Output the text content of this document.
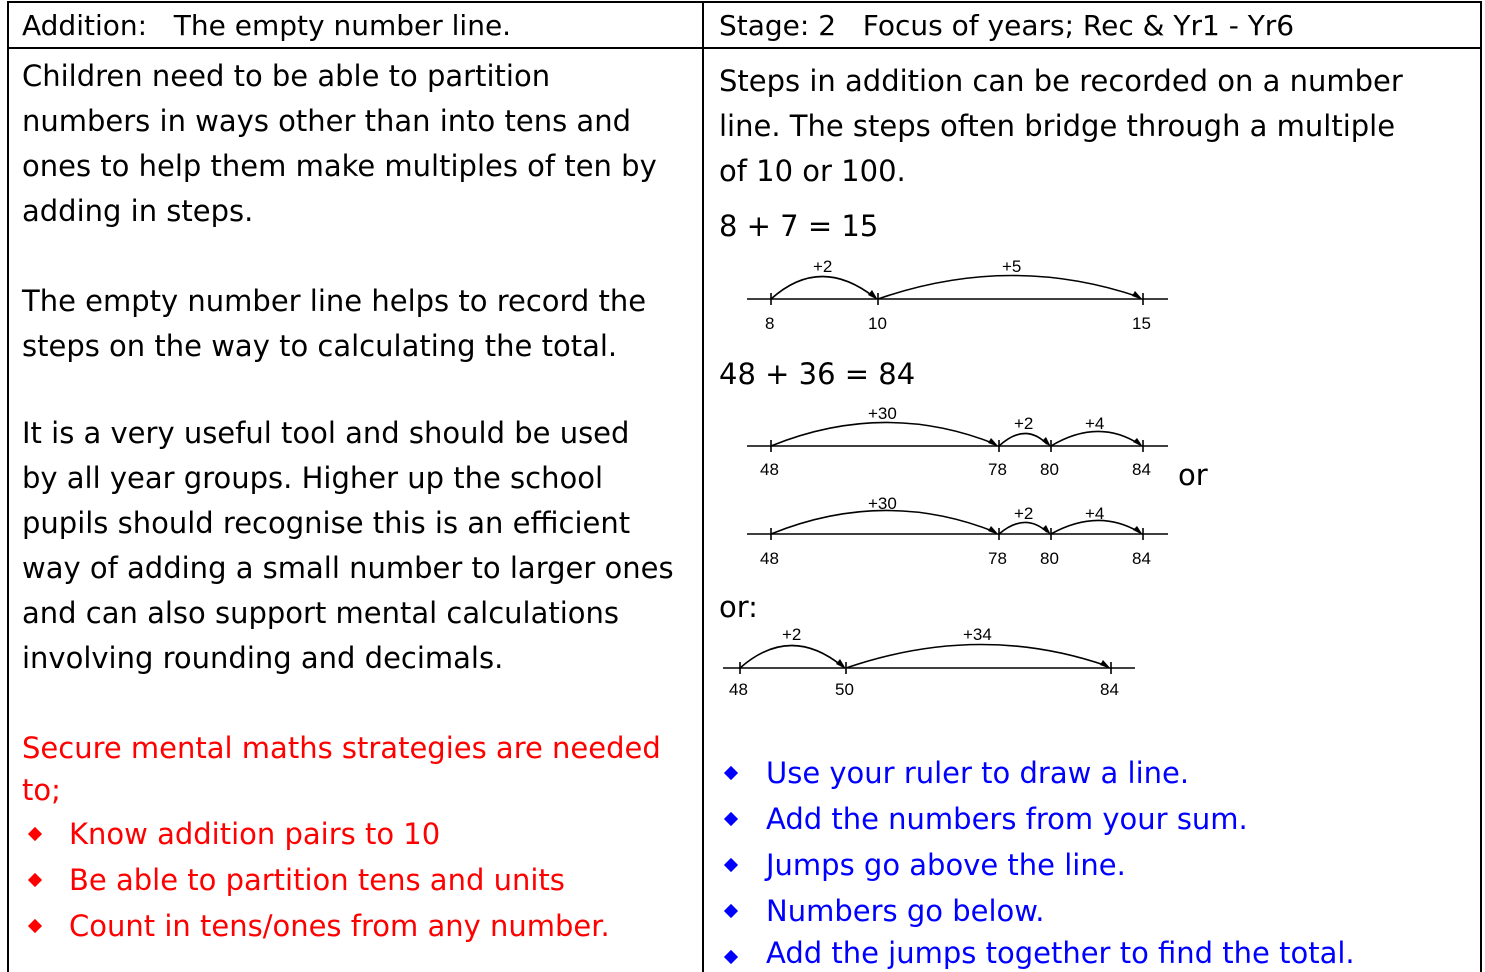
Addition:   The empty number line.	Stage: 2   Focus of years; Rec & Yr1 - Yr6
Children need to be able to partition
numbers in ways other than into tens and
ones to help them make multiples of ten by
adding in steps.
The empty number line helps to record the
steps on the way to calculating the total.
It is a very useful tool and should be used
by all year groups. Higher up the school
pupils should recognise this is an efficient
way of adding a small number to larger ones
and can also support mental calculations
involving rounding and decimals.
Secure mental maths strategies are needed
to;
Know addition pairs to 10
Be able to partition tens and units
Count in tens/ones from any number.
Steps in addition can be recorded on a number
line. The steps often bridge through a multiple
of 10 or 100.
8 + 7 = 15
+2	+5
8	10	15
48 + 36 = 84
+30
+2	+4
48	78 80	84 or
+30
+2	+4
48	78 80	84
or:
+2	+34
48	50	84
Use your ruler to draw a line.
Add the numbers from your sum.
Jumps go above the line.
Numbers go below.
Add the jumps together to find the total.
